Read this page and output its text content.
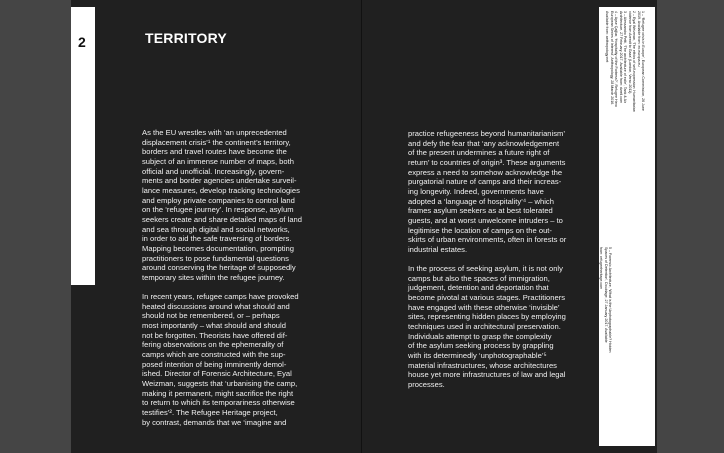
2	TERRITORY

As the EU wrestles with ‘an unprecedented
displacement crisis’¹ the continent’s territory,
borders and travel routes have become the
subject of an immense number of maps, both
official and unofficial. Increasingly, govern-
ments and border agencies undertake surveil-
lance measures, develop tracking technologies
and employ private companies to control land
on the ‘refugee journey’. In response, asylum
seekers create and share detailed maps of land
and sea through digital and social networks,
in order to aid the safe traversing of borders.
Mapping becomes documentation, prompting
practitioners to pose fundamental questions
around conserving the heritage of supposedly
temporary sites within the refugee journey.

In recent years, refugee camps have provoked
heated discussions around what should and
should not be remembered, or – perhaps
most importantly – what should and should
not be forgotten. Theorists have offered dif-
fering observations on the ephemerality of
camps which are constructed with the sup-
posed intention of being imminently demol-
ished. Director of Forensic Architecture, Eyal
Weizman, suggests that ‘urbanising the camp,
making it permanent, might sacrifice the right
to return to which its temporariness otherwise
testifies’². The Refugee Heritage project,
by contrast, demands that we ‘imagine and

practice refugeeness beyond humanitarianism’
and defy the fear that ‘any acknowledgement
of the present undermines a future right of
return’ to countries of origin³. These arguments
express a need to somehow acknowledge the
purgatorial nature of camps and their increas-
ing longevity. Indeed, governments have
adopted a ‘language of hospitality’⁴ – which
frames asylum seekers as at best tolerated
guests, and at worst unwelcome intruders – to
legitimise the location of camps on the out-
skirts of urban environments, often in forests or
industrial estates.

In the process of seeking asylum, it is not only
camps but also the spaces of immigration,
judgement, detention and deportation that
become pivotal at various stages. Practitioners
have engaged with these otherwise ‘invisible’
sites, representing hidden places by employing
techniques used in architectural preservation.
Individuals attempt to grasp the complexity
of the asylum seeking process by grappling
with its determinedly ‘unphotographable’⁵
material infrastructures, whose architectures
house yet more infrastructures of law and legal
processes.

1 – ‘Refugee crisis in Europe’, European Commission, 26 June
2019. Available from: ec.europa.eu
2 – Eyal Weizman, ‘The ethics of self-expression: Humanitarian
violence from Arendt to Gaza’ (London, Verso 2011).
3 – Alessandro Petti, ‘The architecture of exile’, Tank & Air
Architecture, 27 February 2017. Available from: dwell.com
4 – Ayse Çağlar, ‘Hospitality of the Fortress?’, Refugee Hero
European Series of Interest’, Anthropology, 28 March 2016.
Available from: anthropology.net
5 – Forensic Architecture, ‘What is the Unphotographable? Hidden
Spaces of Detention’, Doublage, 27 January 2017. Available
from: refugeeheritage.com
